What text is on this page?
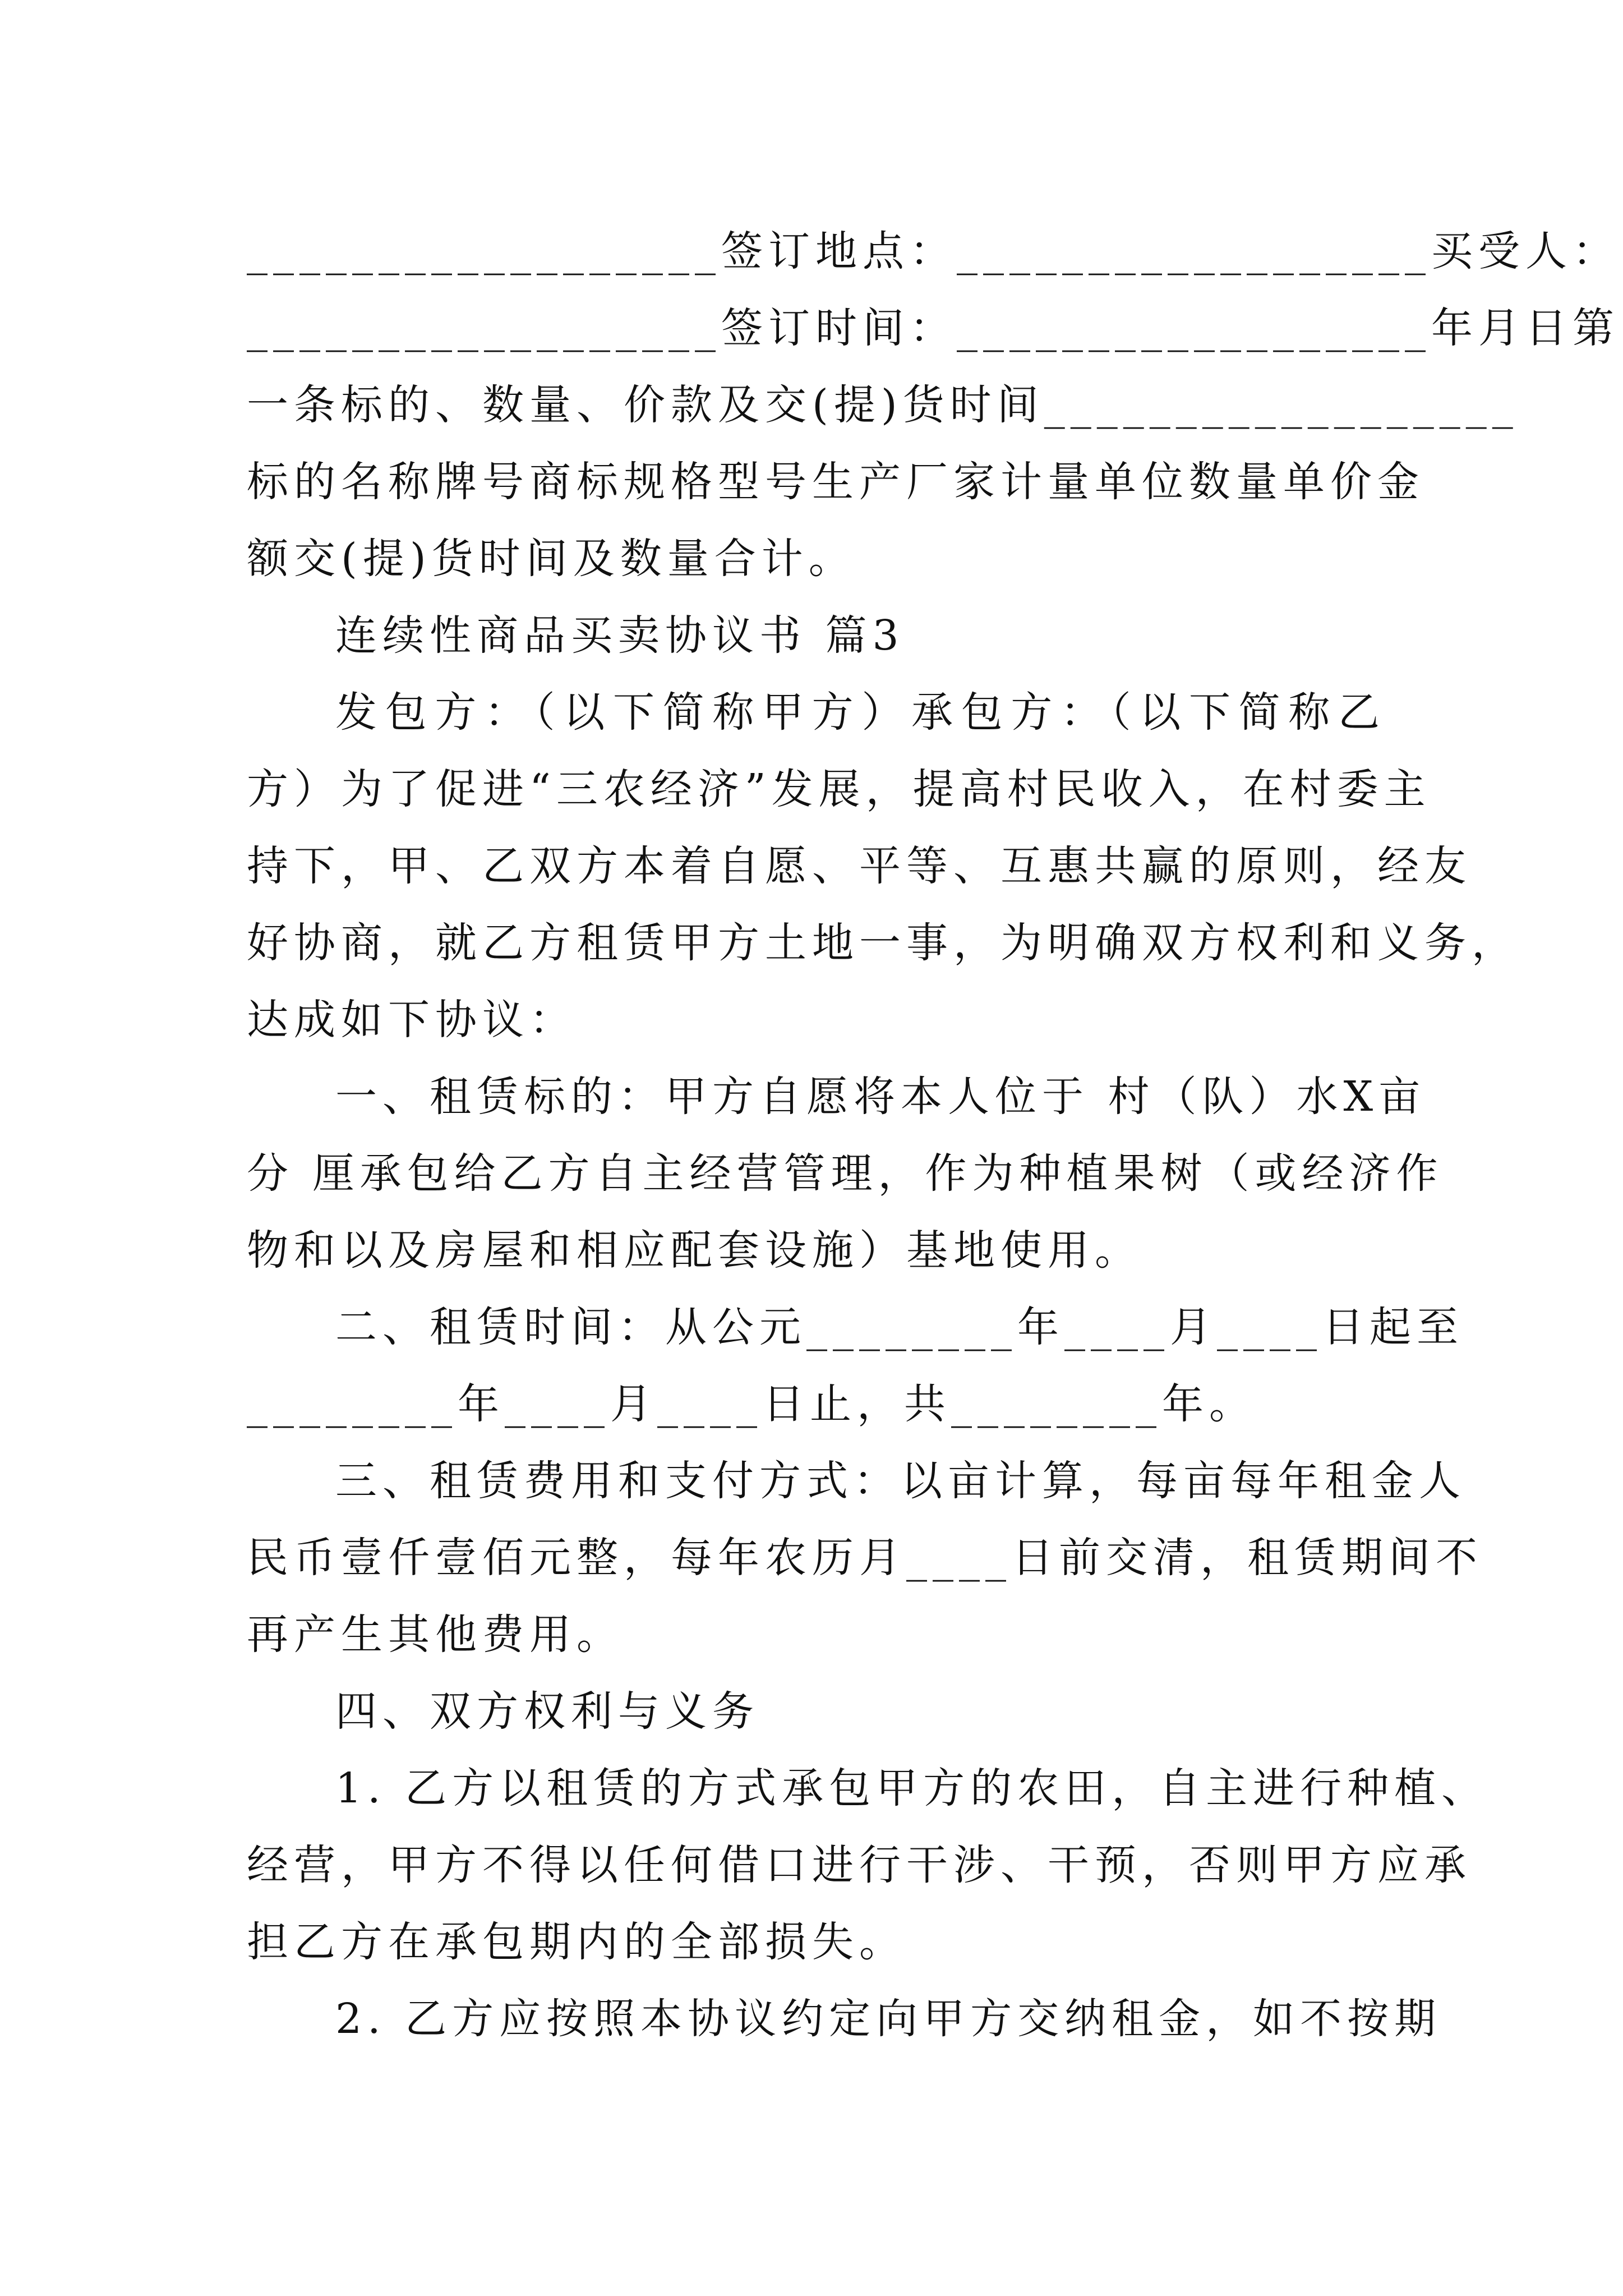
__________________签订地点：__________________买受人：
__________________签订时间：__________________年月日第
一条标的、数量、价款及交(提)货时间__________________
标的名称牌号商标规格型号生产厂家计量单位数量单价金
额交(提)货时间及数量合计。
连续性商品买卖协议书 篇3
发包方：（以下简称甲方）承包方：（以下简称乙
方）为了促进“三农经济”发展，提高村民收入，在村委主
持下，甲、乙双方本着自愿、平等、互惠共赢的原则，经友
好协商，就乙方租赁甲方土地一事，为明确双方权利和义务，
达成如下协议：
一、租赁标的：甲方自愿将本人位于 村（队）水X亩
分 厘承包给乙方自主经营管理，作为种植果树（或经济作
物和以及房屋和相应配套设施）基地使用。
二、租赁时间：从公元________年____月____日起至
________年____月____日止，共________年。
三、租赁费用和支付方式：以亩计算，每亩每年租金人
民币壹仟壹佰元整，每年农历月____日前交清，租赁期间不
再产生其他费用。
四、双方权利与义务
1. 乙方以租赁的方式承包甲方的农田，自主进行种植、
经营，甲方不得以任何借口进行干涉、干预，否则甲方应承
担乙方在承包期内的全部损失。
2. 乙方应按照本协议约定向甲方交纳租金，如不按期
